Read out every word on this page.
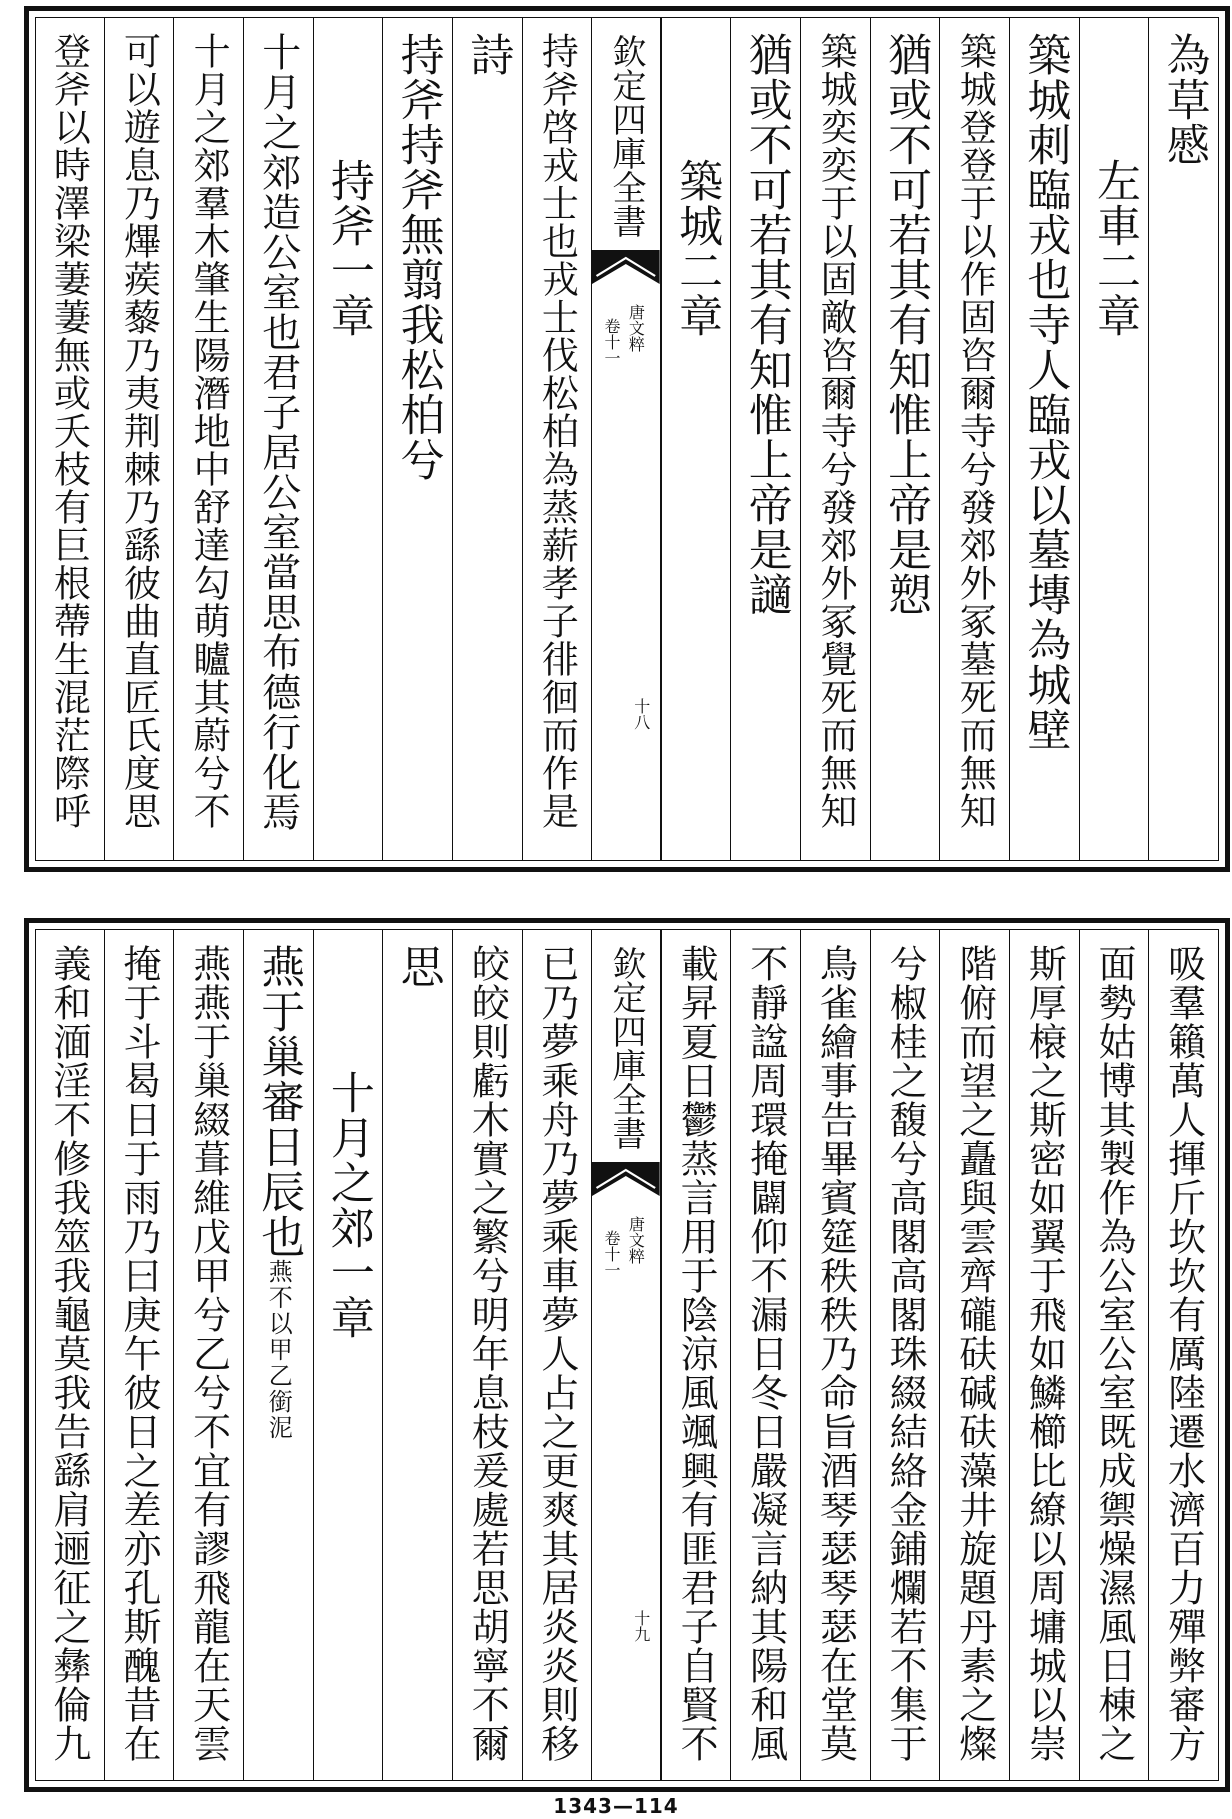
為草慼
左車二章
築城刺臨戎也寺人臨戎以墓塼為城壁
築城登登于以作固咨爾寺兮發郊外冢墓死而無知
猶或不可若其有知惟上帝是愬
築城奕奕于以固敵咨爾寺兮發郊外冢覺死而無知
猶或不可若其有知惟上帝是讁
築城二章
欽定四庫全書
唐文粹
卷十一
十八
持斧啓戎士也戎士伐松柏為蒸薪孝子徘徊而作是
詩
持斧持斧無翦我松柏兮
持斧一章
十月之郊造公室也君子居公室當思布德行化焉
十月之郊羣木肇生陽潛地中舒達勾萌矑其蔚兮不
可以遊息乃熚蒺藜乃夷荆棘乃繇彼曲直匠氏度思
登斧以時澤梁萋萋無或夭枝有巨根蔕生混茫際呼
吸羣籟萬人揮斤坎坎有厲陸遷水濟百力殫弊審方
面勢姑博其製作為公室公室既成禦燥濕風日棟之
斯厚榱之斯密如翼于飛如鱗櫛比繚以周墉城以崇
階俯而望之矗與雲齊礲砆碱砆藻井旋題丹素之燦
兮椒桂之馥兮高閣高閣珠綴結絡金鋪爛若不集于
鳥雀繪事告畢賓筵秩秩乃命旨酒琴瑟琴瑟在堂莫
不靜諡周環掩闢仰不漏日冬日嚴凝言納其陽和風
載昇夏日鬱蒸言用于陰涼風颯興有匪君子自賢不
欽定四庫全書
唐文粹
卷十一
十九
已乃夢乘舟乃夢乘車夢人占之更爽其居炎炎則移
皎皎則虧木實之繁兮明年息枝爰處若思胡寧不爾
思
十月之郊一章
燕于巢審日辰也燕不以甲乙銜泥
燕燕于巢綴葺維戊甲兮乙兮不宜有謬飛龍在天雲
掩于斗曷日于雨乃曰庚午彼日之差亦孔斯醜昔在
義和湎淫不修我筮我龜莫我告繇肩逦征之彝倫九
1343—114
